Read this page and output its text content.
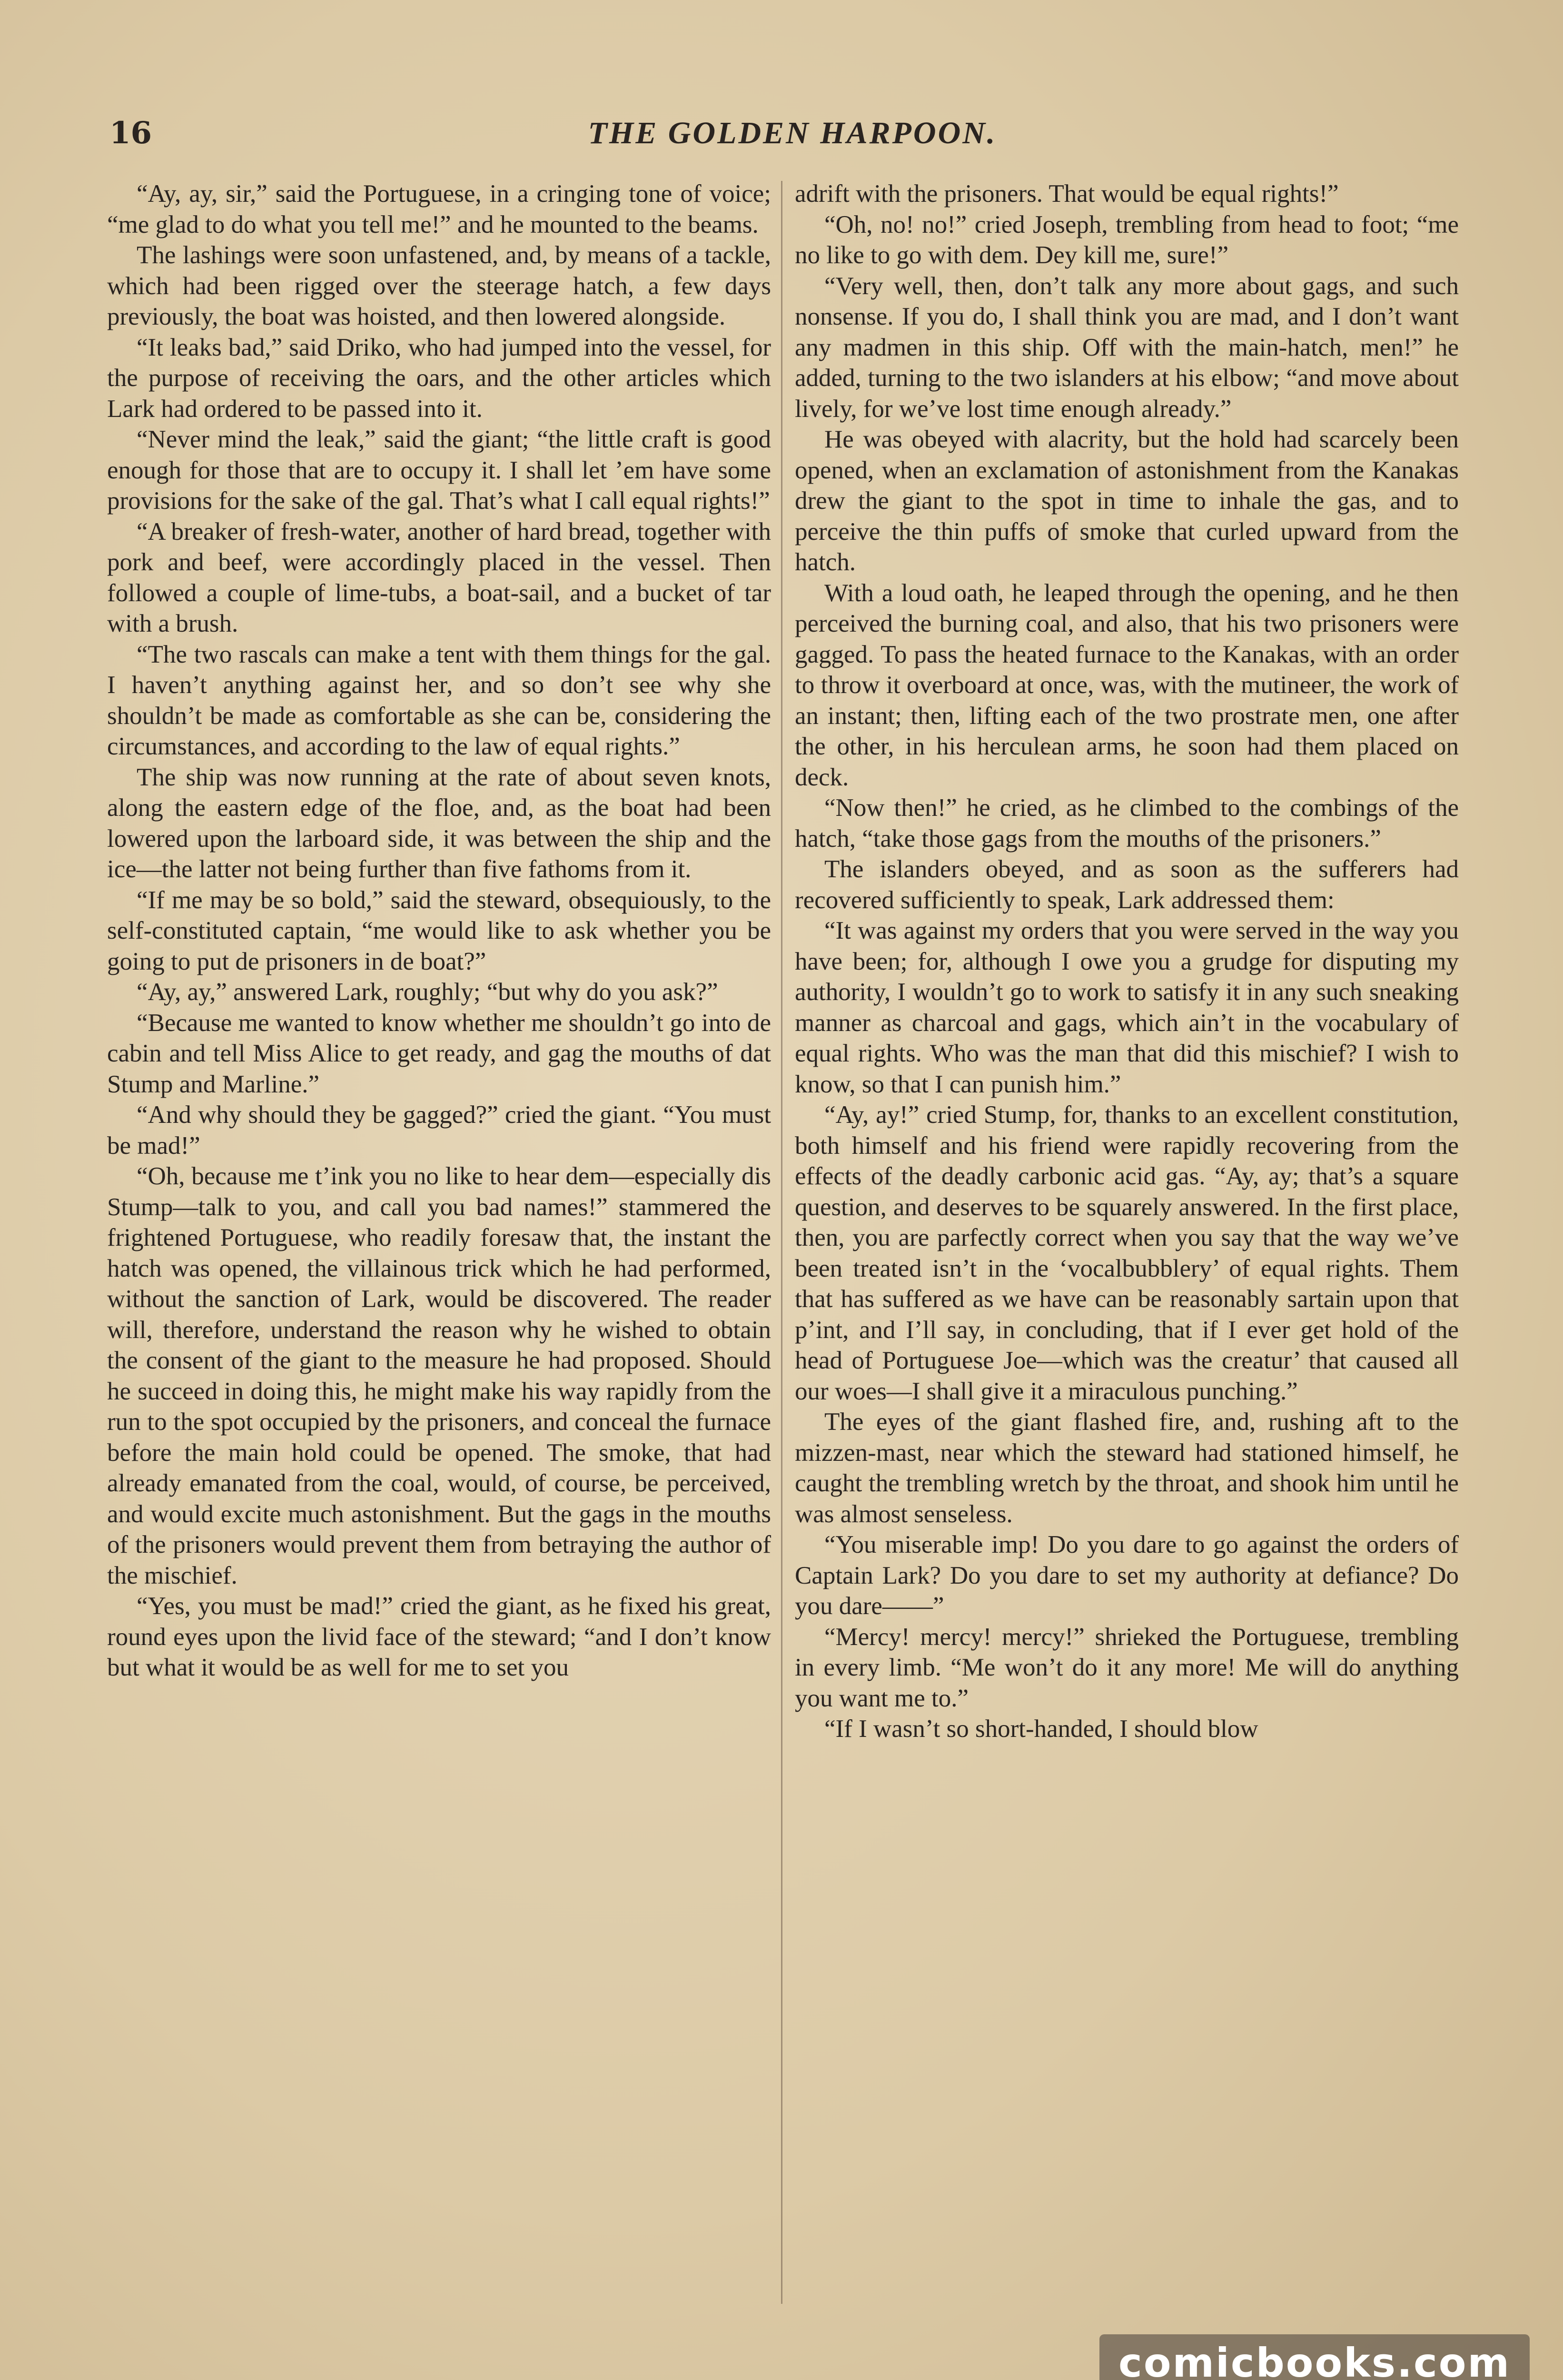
16	THE GOLDEN HARPOON.

“Ay, ay, sir,” said the Portuguese, in a cringing tone of voice; “me glad to do what you tell me!” and he mounted to the beams.

The lashings were soon unfastened, and, by means of a tackle, which had been rigged over the steerage hatch, a few days previously, the boat was hoisted, and then lowered alongside.

“It leaks bad,” said Driko, who had jumped into the vessel, for the purpose of receiving the oars, and the other articles which Lark had ordered to be passed into it.

“Never mind the leak,” said the giant; “the little craft is good enough for those that are to occupy it. I shall let ’em have some provisions for the sake of the gal. That’s what I call equal rights!”

“A breaker of fresh-water, another of hard bread, together with pork and beef, were accordingly placed in the vessel. Then followed a couple of lime-tubs, a boat-sail, and a bucket of tar with a brush.

“The two rascals can make a tent with them things for the gal. I haven’t anything against her, and so don’t see why she shouldn’t be made as comfortable as she can be, considering the circumstances, and according to the law of equal rights.”

The ship was now running at the rate of about seven knots, along the eastern edge of the floe, and, as the boat had been lowered upon the larboard side, it was between the ship and the ice—the latter not being further than five fathoms from it.

“If me may be so bold,” said the steward, obsequiously, to the self-constituted captain, “me would like to ask whether you be going to put de prisoners in de boat?”

“Ay, ay,” answered Lark, roughly; “but why do you ask?”

“Because me wanted to know whether me shouldn’t go into de cabin and tell Miss Alice to get ready, and gag the mouths of dat Stump and Marline.”

“And why should they be gagged?” cried the giant. “You must be mad!”

“Oh, because me t’ink you no like to hear dem—especially dis Stump—talk to you, and call you bad names!” stammered the frightened Portuguese, who readily foresaw that, the instant the hatch was opened, the villainous trick which he had performed, without the sanction of Lark, would be discovered. The reader will, therefore, understand the reason why he wished to obtain the consent of the giant to the measure he had proposed. Should he succeed in doing this, he might make his way rapidly from the run to the spot occupied by the prisoners, and conceal the furnace before the main hold could be opened. The smoke, that had already emanated from the coal, would, of course, be perceived, and would excite much astonishment. But the gags in the mouths of the prisoners would prevent them from betraying the author of the mischief.

“Yes, you must be mad!” cried the giant, as he fixed his great, round eyes upon the livid face of the steward; “and I don’t know but what it would be as well for me to set you

adrift with the prisoners. That would be equal rights!”

“Oh, no! no!” cried Joseph, trembling from head to foot; “me no like to go with dem. Dey kill me, sure!”

“Very well, then, don’t talk any more about gags, and such nonsense. If you do, I shall think you are mad, and I don’t want any madmen in this ship. Off with the main-hatch, men!” he added, turning to the two islanders at his elbow; “and move about lively, for we’ve lost time enough already.”

He was obeyed with alacrity, but the hold had scarcely been opened, when an exclamation of astonishment from the Kanakas drew the giant to the spot in time to inhale the gas, and to perceive the thin puffs of smoke that curled upward from the hatch.

With a loud oath, he leaped through the opening, and he then perceived the burning coal, and also, that his two prisoners were gagged. To pass the heated furnace to the Kanakas, with an order to throw it overboard at once, was, with the mutineer, the work of an instant; then, lifting each of the two prostrate men, one after the other, in his herculean arms, he soon had them placed on deck.

“Now then!” he cried, as he climbed to the combings of the hatch, “take those gags from the mouths of the prisoners.”

The islanders obeyed, and as soon as the sufferers had recovered sufficiently to speak, Lark addressed them:

“It was against my orders that you were served in the way you have been; for, although I owe you a grudge for disputing my authority, I wouldn’t go to work to satisfy it in any such sneaking manner as charcoal and gags, which ain’t in the vocabulary of equal rights. Who was the man that did this mischief? I wish to know, so that I can punish him.”

“Ay, ay!” cried Stump, for, thanks to an excellent constitution, both himself and his friend were rapidly recovering from the effects of the deadly carbonic acid gas. “Ay, ay; that’s a square question, and deserves to be squarely answered. In the first place, then, you are parfectly correct when you say that the way we’ve been treated isn’t in the ‘vocalbubblery’ of equal rights. Them that has suffered as we have can be reasonably sartain upon that p’int, and I’ll say, in concluding, that if I ever get hold of the head of Portuguese Joe—which was the creatur’ that caused all our woes—I shall give it a miraculous punching.”

The eyes of the giant flashed fire, and, rushing aft to the mizzen-mast, near which the steward had stationed himself, he caught the trembling wretch by the throat, and shook him until he was almost senseless.

“You miserable imp! Do you dare to go against the orders of Captain Lark? Do you dare to set my authority at defiance? Do you dare——”

“Mercy! mercy! mercy!” shrieked the Portuguese, trembling in every limb. “Me won’t do it any more! Me will do anything you want me to.”

“If I wasn’t so short-handed, I should blow

comicbooks.com
